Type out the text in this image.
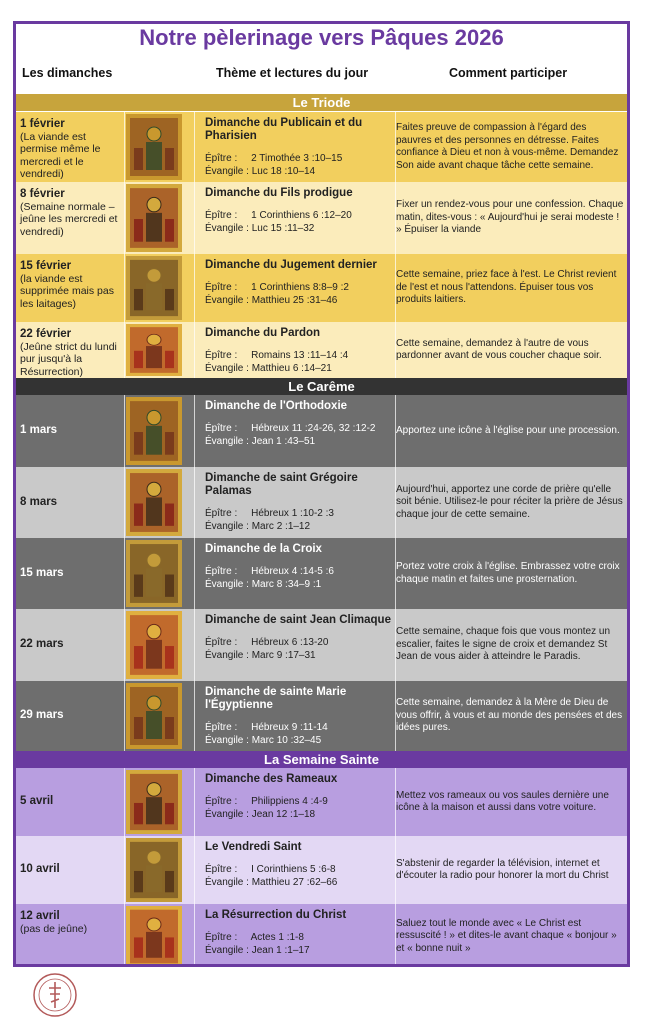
Notre pèlerinage vers Pâques 2026
Les dimanches	Thème et lectures du jour	Comment participer
Le Triode
Le Carême
La Semaine Sainte
1 février
(La viande est permise même le mercredi et le vendredi)
Dimanche du Publicain et du Pharisien
Épître :     2 Timothée 3 :10–15
Évangile : Luc 18 :10–14
Faites preuve de compassion à l'égard des pauvres et des personnes en détresse. Faites confiance à Dieu et non à vous-même. Demandez Son aide avant chaque tâche cette semaine.
8 février
(Semaine normale – jeûne les mercredi et vendredi)
Dimanche du Fils prodigue
Épître :     1 Corinthiens 6 :12–20
Évangile : Luc 15 :11–32
Fixer un rendez-vous pour une confession. Chaque matin, dites-vous : « Aujourd'hui je serai modeste ! » Épuiser la viande
15 février
(la viande est supprimée mais pas les laitages)
Dimanche du Jugement dernier
Épître :     1 Corinthiens 8:8–9 :2
Évangile : Matthieu 25 :31–46
Cette semaine, priez face à l'est. Le Christ revient de l'est et nous l'attendons. Épuiser tous vos produits laitiers.
22 février
(Jeûne strict du lundi pur jusqu'à la Résurrection)
Dimanche du Pardon
Épître :     Romains 13 :11–14 :4
Évangile : Matthieu 6 :14–21
Cette semaine, demandez à l'autre de vous pardonner avant de vous coucher chaque soir.
1 mars
Dimanche de l'Orthodoxie
Épître :     Hébreux 11 :24-26, 32 :12-2
Évangile : Jean 1 :43–51
Apportez une icône à l'église pour une procession.
8 mars
Dimanche de saint Grégoire Palamas
Épître :     Hébreux 1 :10-2 :3
Évangile : Marc 2 :1–12
Aujourd'hui, apportez une corde de prière qu'elle soit bénie. Utilisez-le pour réciter la prière de Jésus chaque jour de cette semaine.
15 mars
Dimanche de la Croix
Épître :     Hébreux 4 :14-5 :6
Évangile : Marc 8 :34–9 :1
Portez votre croix à l'église. Embrassez votre croix chaque matin et faites une prosternation.
22 mars
Dimanche de saint Jean Climaque
Épître :     Hébreux 6 :13-20
Évangile : Marc 9 :17–31
Cette semaine, chaque fois que vous montez un escalier, faites le signe de croix et demandez St Jean de vous aider à atteindre le Paradis.
29 mars
Dimanche de sainte Marie l'Égyptienne
Épître :     Hébreux 9 :11-14
Évangile : Marc 10 :32–45
Cette semaine, demandez à la Mère de Dieu de vous offrir, à vous et au monde des pensées et des idées pures.
5 avril
Dimanche des Rameaux
Épître :     Philippiens 4 :4-9
Évangile : Jean 12 :1–18
Mettez vos rameaux ou vos saules dernière une icône à la maison et aussi dans votre voiture.
10 avril
Le Vendredi Saint
Épître :     I Corinthiens 5 :6-8
Évangile : Matthieu 27 :62–66
S'abstenir de regarder la télévision, internet et d'écouter la radio pour honorer la mort du Christ
12 avril
(pas de jeûne)
La Résurrection du Christ
Épître :     Actes 1 :1-8
Évangile : Jean 1 :1–17
Saluez tout le monde avec « Le Christ est ressuscité ! » et dites-le avant chaque « bonjour » et « bonne nuit »
